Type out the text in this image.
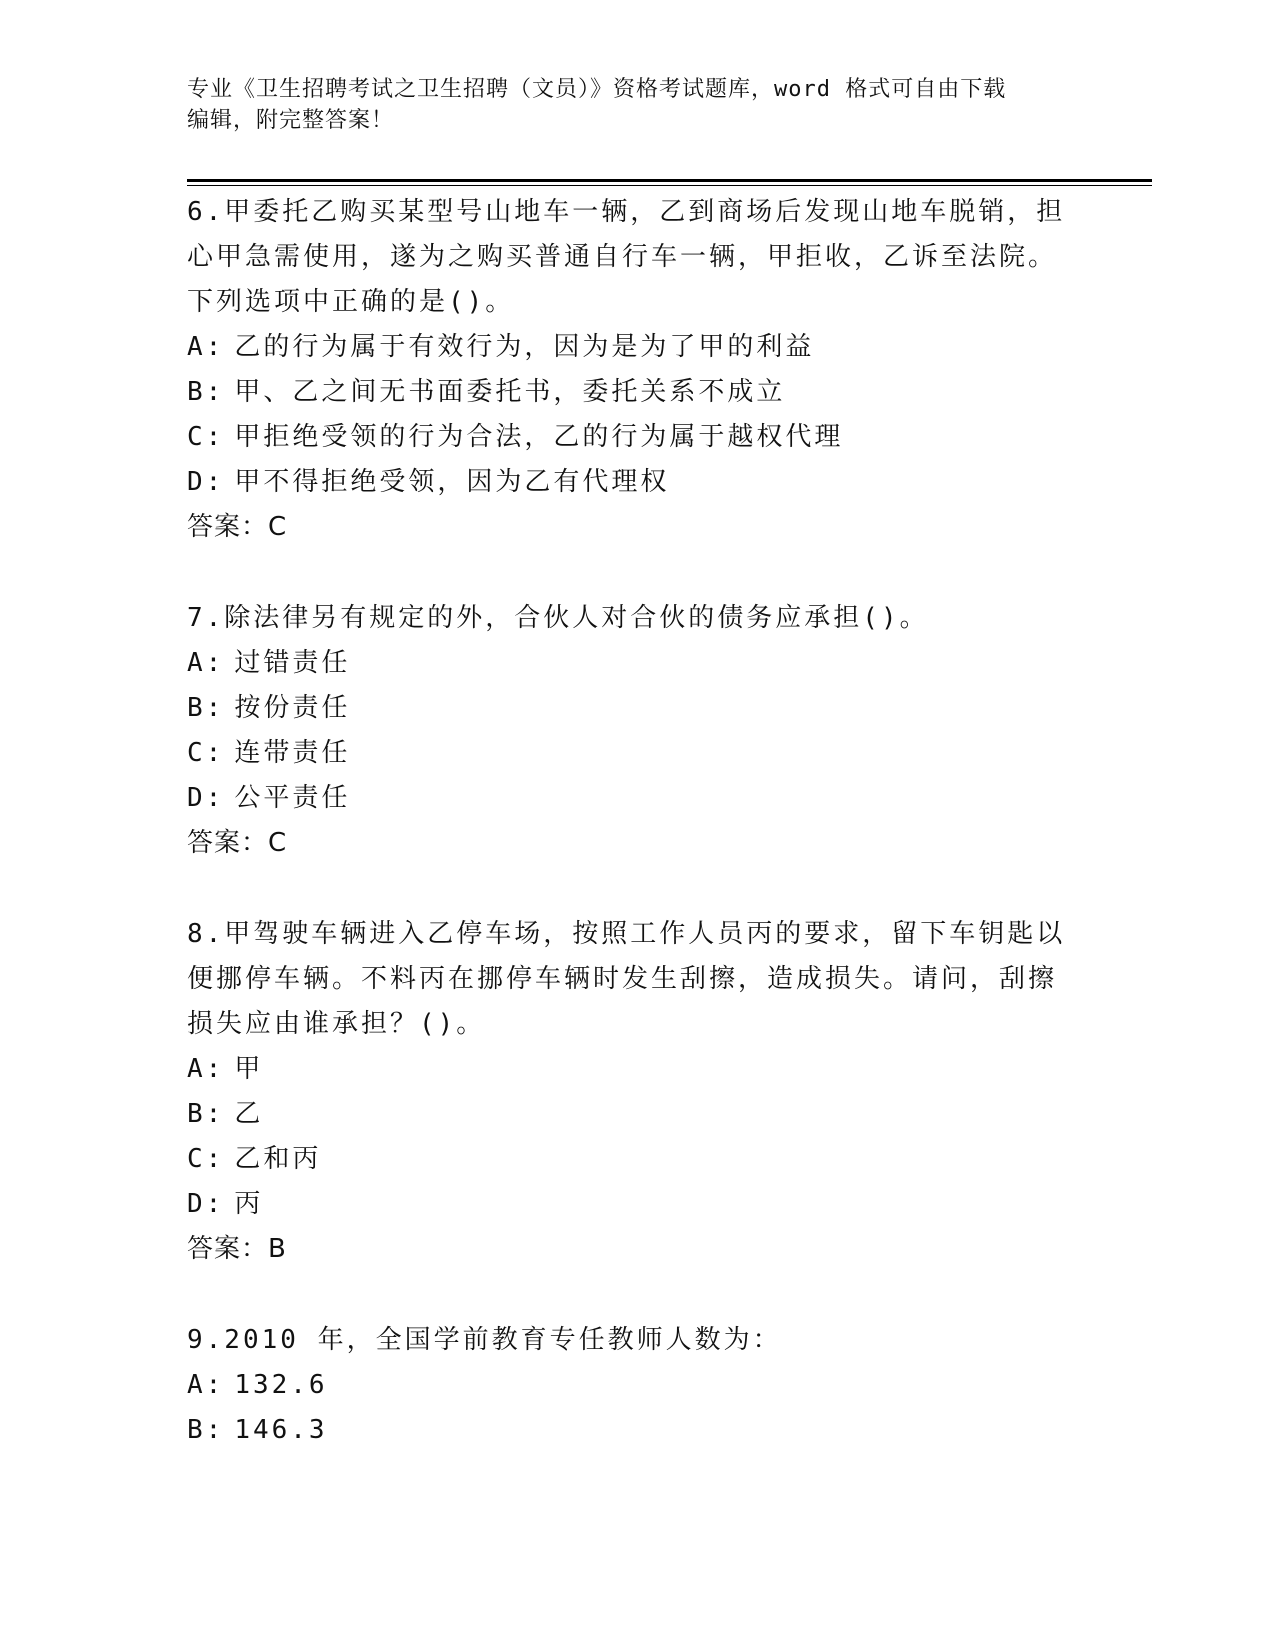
专业《卫生招聘考试之卫生招聘（文员）》资格考试题库，word 格式可自由下载
编辑，附完整答案！

6.甲委托乙购买某型号山地车一辆，乙到商场后发现山地车脱销，担心甲急需使用，遂为之购买普通自行车一辆，甲拒收，乙诉至法院。下列选项中正确的是()。

A: 乙的行为属于有效行为，因为是为了甲的利益

B: 甲、乙之间无书面委托书，委托关系不成立

C: 甲拒绝受领的行为合法，乙的行为属于越权代理

D: 甲不得拒绝受领，因为乙有代理权

答案：C

7.除法律另有规定的外，合伙人对合伙的债务应承担()。

A: 过错责任

B: 按份责任

C: 连带责任

D: 公平责任

答案：C

8.甲驾驶车辆进入乙停车场，按照工作人员丙的要求，留下车钥匙以便挪停车辆。不料丙在挪停车辆时发生刮擦，造成损失。请问，刮擦损失应由谁承担？()。

A: 甲

B: 乙

C: 乙和丙

D: 丙

答案：B

9.2010 年，全国学前教育专任教师人数为：

A: 132.6

B: 146.3
